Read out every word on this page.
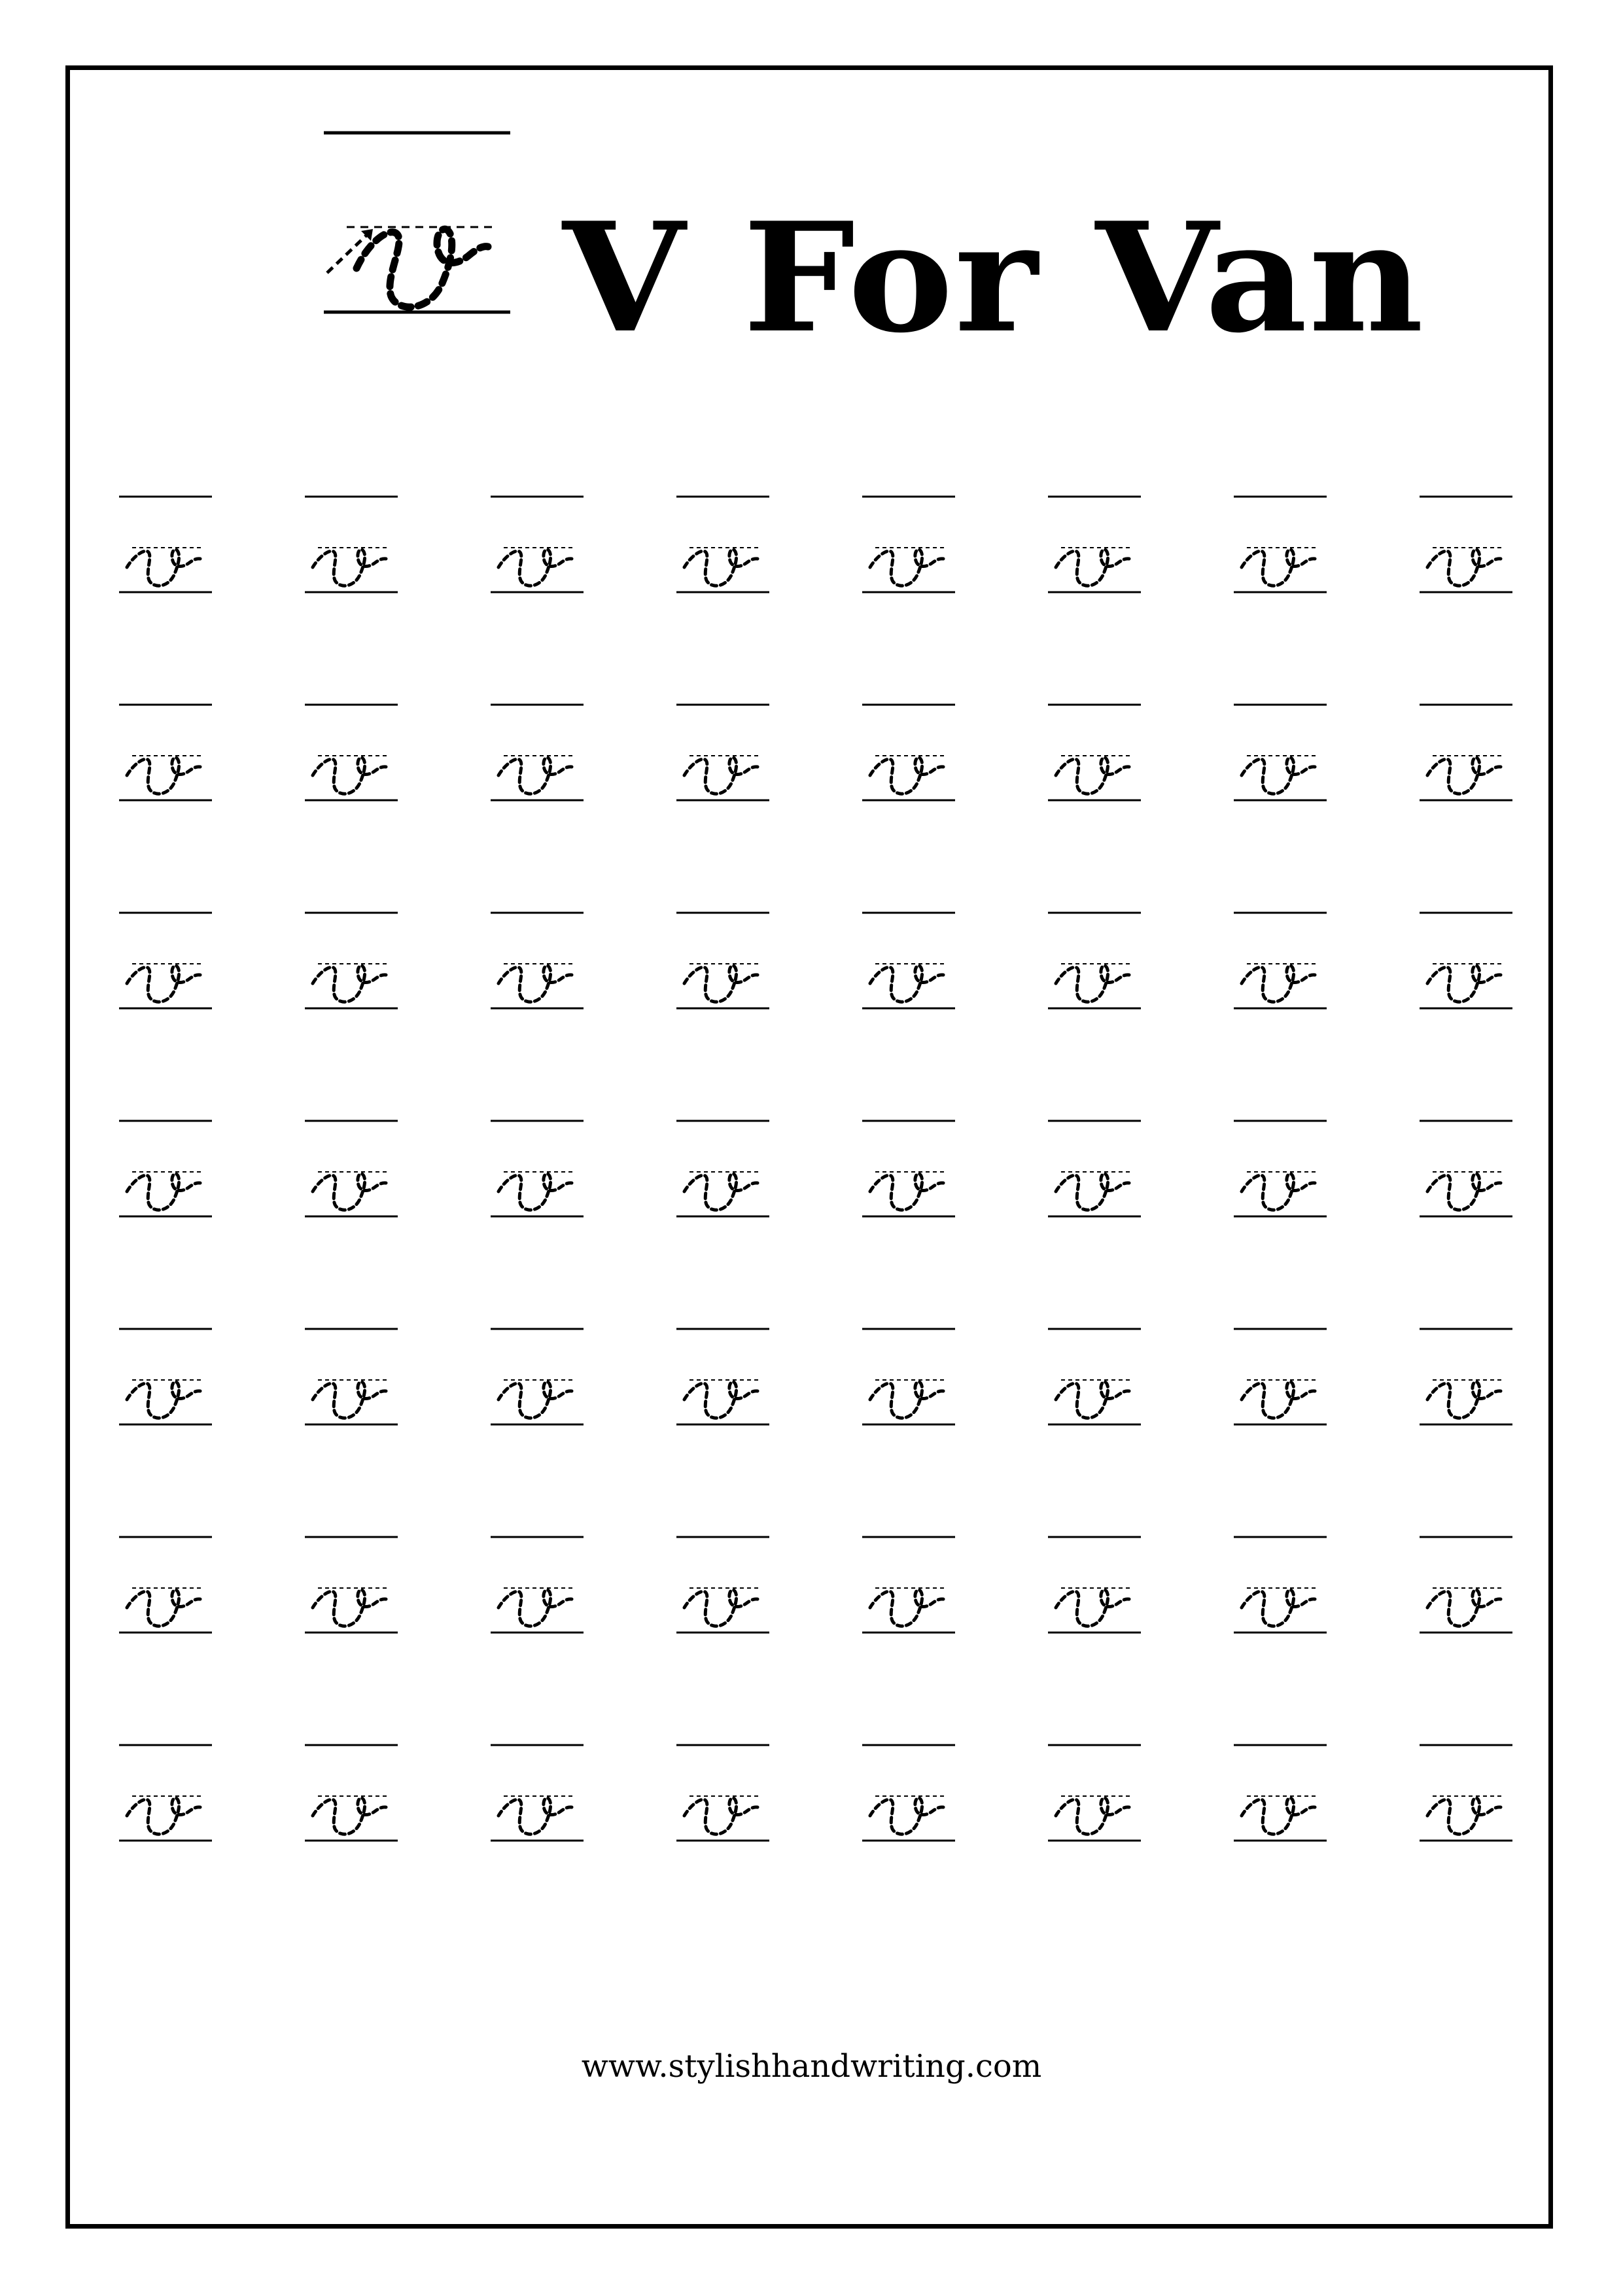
V For Van
www.stylishhandwriting.com
